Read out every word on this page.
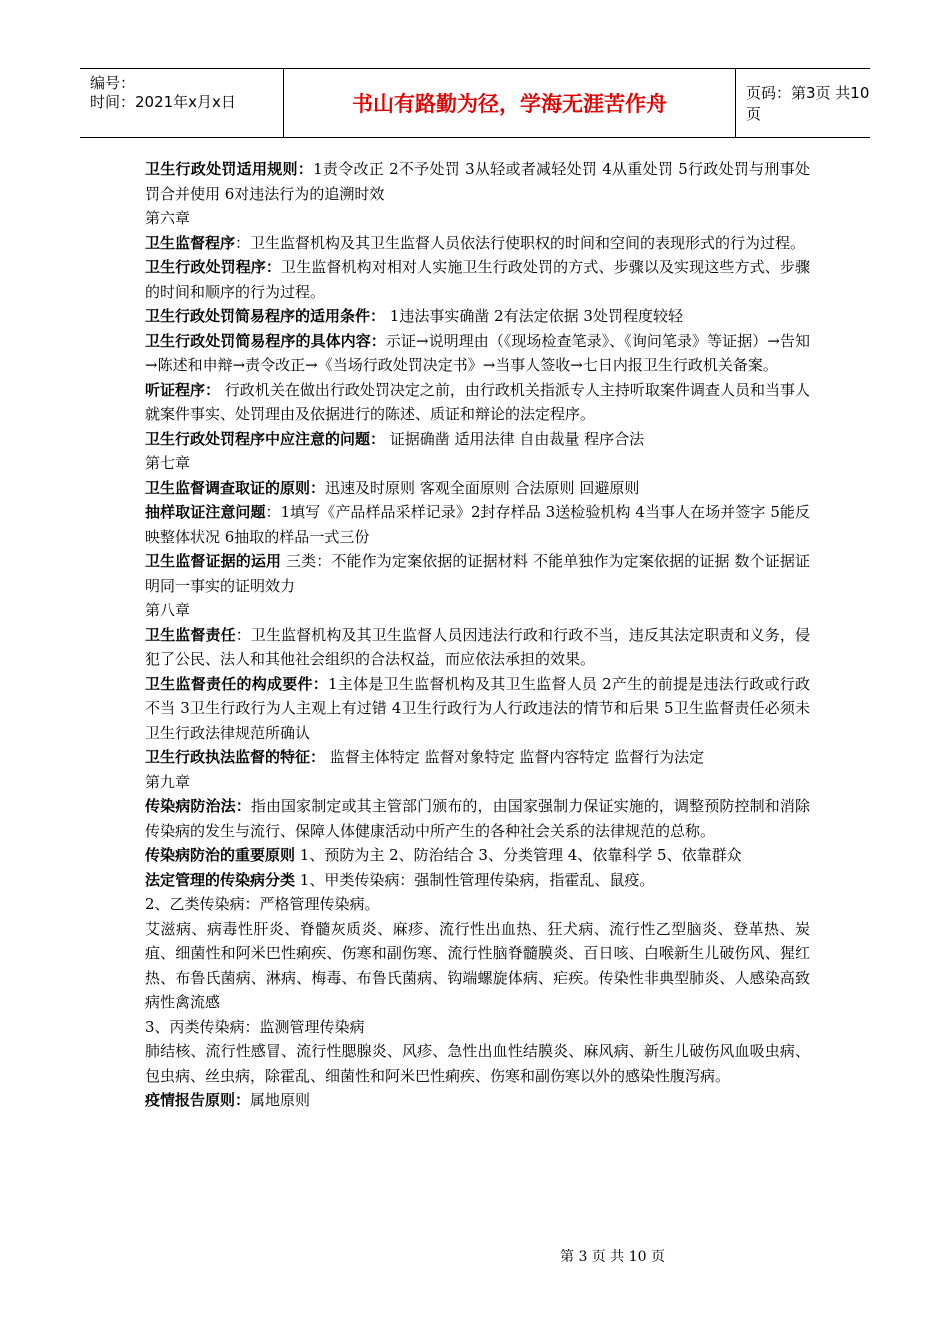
编号：
时间：2021年x月x日	书山有路勤为径，学海无涯苦作舟	页码：第3页 共10页

卫生行政处罚适用规则：1责令改正 2不予处罚 3从轻或者减轻处罚 4从重处罚 5行政处罚与刑事处罚合并使用 6对违法行为的追溯时效

第六章

卫生监督程序：卫生监督机构及其卫生监督人员依法行使职权的时间和空间的表现形式的行为过程。

卫生行政处罚程序：卫生监督机构对相对人实施卫生行政处罚的方式、步骤以及实现这些方式、步骤的时间和顺序的行为过程。

卫生行政处罚简易程序的适用条件： 1违法事实确凿 2有法定依据 3处罚程度较轻

卫生行政处罚简易程序的具体内容：示证→说明理由（《现场检查笔录》、《询问笔录》等证据）→告知→陈述和申辩→责令改正→《当场行政处罚决定书》→当事人签收→七日内报卫生行政机关备案。

听证程序： 行政机关在做出行政处罚决定之前，由行政机关指派专人主持听取案件调查人员和当事人就案件事实、处罚理由及依据进行的陈述、质证和辩论的法定程序。

卫生行政处罚程序中应注意的问题： 证据确凿 适用法律 自由裁量 程序合法

第七章

卫生监督调查取证的原则：迅速及时原则 客观全面原则 合法原则 回避原则

抽样取证注意问题：1填写《产品样品采样记录》2封存样品 3送检验机构 4当事人在场并签字 5能反映整体状况 6抽取的样品一式三份

卫生监督证据的运用 三类：不能作为定案依据的证据材料 不能单独作为定案依据的证据 数个证据证明同一事实的证明效力

第八章

卫生监督责任：卫生监督机构及其卫生监督人员因违法行政和行政不当，违反其法定职责和义务，侵犯了公民、法人和其他社会组织的合法权益，而应依法承担的效果。

卫生监督责任的构成要件：1主体是卫生监督机构及其卫生监督人员 2产生的前提是违法行政或行政不当 3卫生行政行为人主观上有过错 4卫生行政行为人行政违法的情节和后果 5卫生监督责任必须未卫生行政法律规范所确认

卫生行政执法监督的特征： 监督主体特定 监督对象特定 监督内容特定 监督行为法定

第九章

传染病防治法：指由国家制定或其主管部门颁布的，由国家强制力保证实施的，调整预防控制和消除传染病的发生与流行、保障人体健康活动中所产生的各种社会关系的法律规范的总称。

传染病防治的重要原则 1、预防为主 2、防治结合 3、分类管理 4、依靠科学 5、依靠群众

法定管理的传染病分类 1、甲类传染病：强制性管理传染病，指霍乱、鼠疫。

2、乙类传染病：严格管理传染病。

艾滋病、病毒性肝炎、脊髓灰质炎、麻疹、流行性出血热、狂犬病、流行性乙型脑炎、登革热、炭疽、细菌性和阿米巴性痢疾、伤寒和副伤寒、流行性脑脊髓膜炎、百日咳、白喉新生儿破伤风、猩红热、布鲁氏菌病、淋病、梅毒、布鲁氏菌病、钩端螺旋体病、疟疾。传染性非典型肺炎、人感染高致病性禽流感

3、丙类传染病：监测管理传染病

肺结核、流行性感冒、流行性腮腺炎、风疹、急性出血性结膜炎、麻风病、新生儿破伤风血吸虫病、包虫病、丝虫病，除霍乱、细菌性和阿米巴性痢疾、伤寒和副伤寒以外的感染性腹泻病。

疫情报告原则：属地原则

第 3 页 共 10 页
